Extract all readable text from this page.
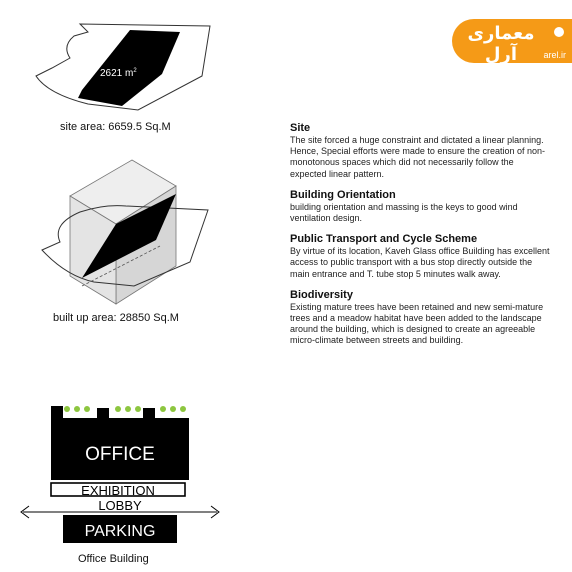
معماری آرل	arel.ir
2621 $m^2$
site area: 6659.5 Sq.M
built up area: 28850 Sq.M
OFFICE
EXHIBITION
LOBBY
PARKING
Office Building

Site

The site forced a huge constraint and dictated a linear planning. Hence, Special efforts were made to ensure the creation of non-monotonous spaces which did not necessarily follow the expected linear pattern.

Building Orientation

building orientation and massing is the keys to good wind ventilation design.

Public Transport and Cycle Scheme

By virtue of its location, Kaveh Glass office Building has excellent access to public transport with a bus stop directly outside the main entrance and T. tube stop 5 minutes walk away.

Biodiversity

Existing mature trees have been retained and new semi-mature trees and a meadow habitat have been added to the landscape around the building, which is designed to create an agreeable micro-climate between streets and building.
